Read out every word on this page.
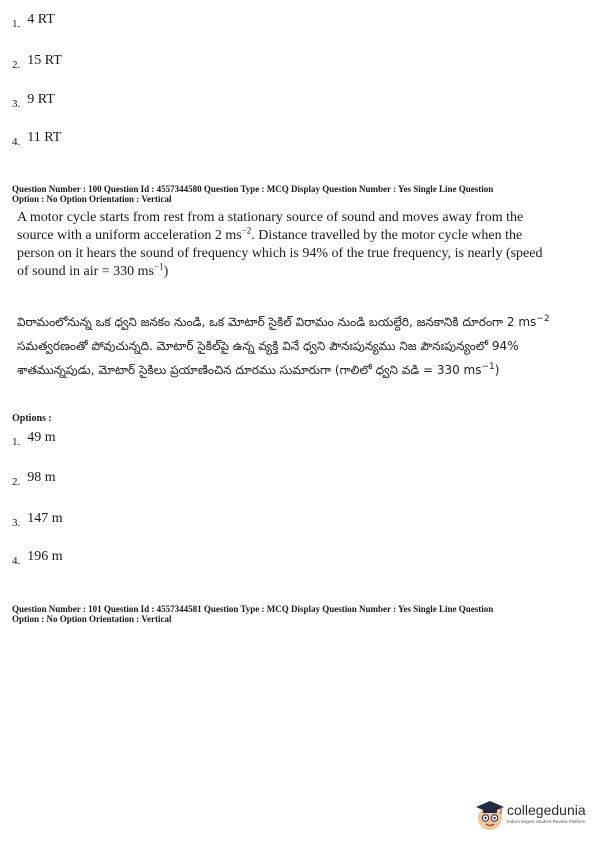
$_{1.}$ 4 RT
$_{2.}$ 15 RT
$_{3.}$ 9 RT
$_{4.}$ 11 RT
Question Number : 100 Question Id : 4557344580 Question Type : MCQ Display Question Number : Yes Single Line Question
Option : No Option Orientation : Vertical

A motor cycle starts from rest from a stationary source of sound and moves away from the source with a uniform acceleration 2 $ms^{-2}$. Distance travelled by the motor cycle when the person on it hears the sound of frequency which is 94% of the true frequency, is nearly (speed of sound in air = 330 $ms^{-1}$)

విరామంలోనున్న ఒక ధ్వని జనకం నుండి, ఒక మోటార్ సైకిల్ విరామం నుండి బయల్దేరి, జనకానికి దూరంగా 2 $ms^{-2}$ సమత్వరణంతో పోవుచున్నది. మోటార్ సైకిల్‌పై ఉన్న వ్యక్తి వినే ధ్వని పౌనఃపున్యము నిజ పౌనఃపున్యంలో 94% శాతమున్నపుడు, మోటార్ సైకిలు ప్రయాణించిన దూరము సుమారుగా (గాలిలో ధ్వని వడి = 330 $ms^{-1}$)

Options :
$_{1.}$ 49 m
$_{2.}$ 98 m
$_{3.}$ 147 m
$_{4.}$ 196 m
Question Number : 101 Question Id : 4557344581 Question Type : MCQ Display Question Number : Yes Single Line Question
Option : No Option Orientation : Vertical
collegedunia
India's largest Student Review Platform
